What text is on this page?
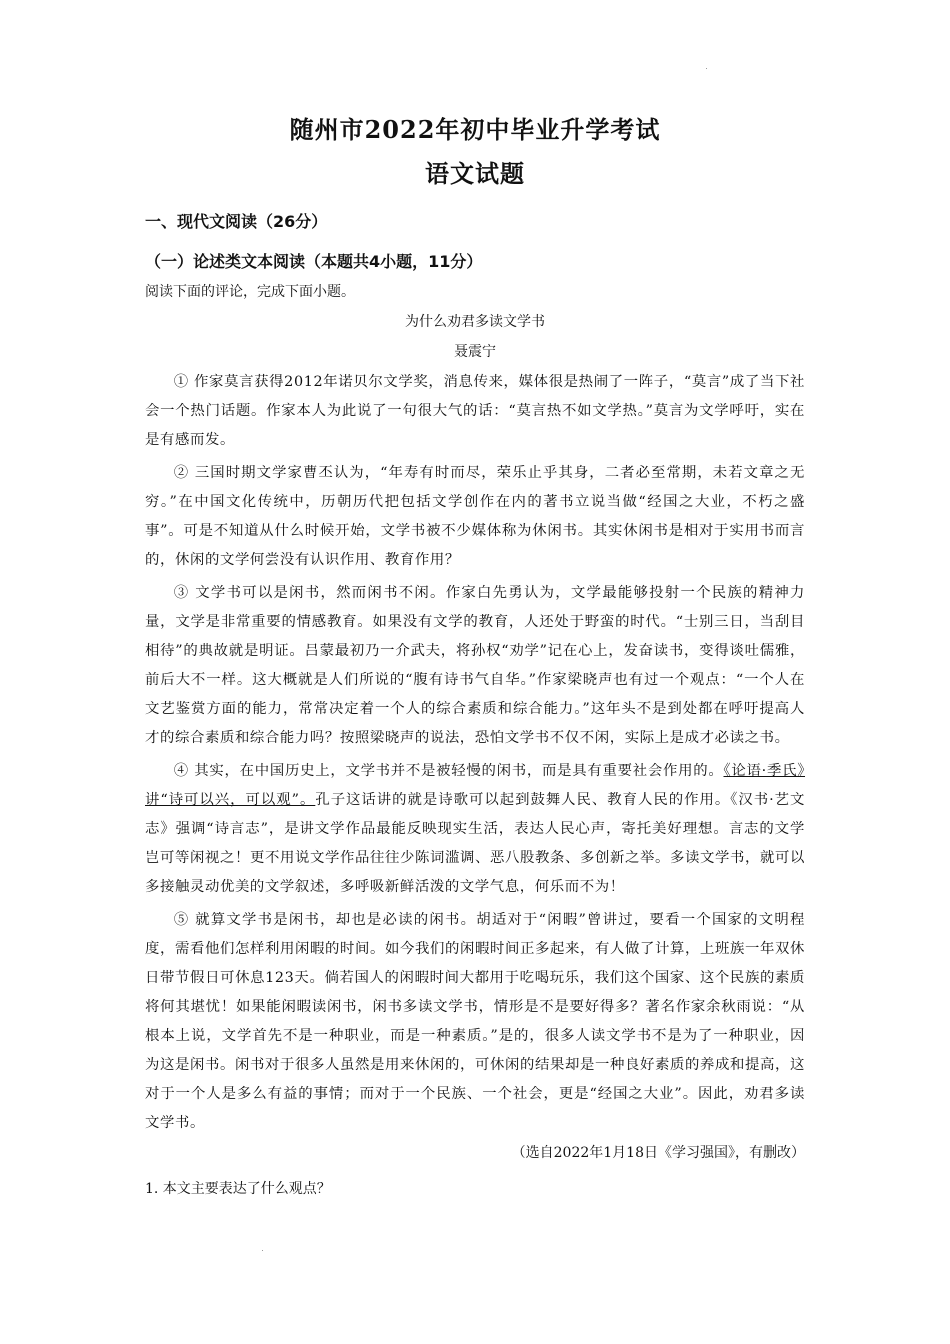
随州市2022年初中毕业升学考试
语文试题

一、现代文阅读（26分）

（一）论述类文本阅读（本题共4小题，11分）

阅读下面的评论，完成下面小题。

为什么劝君多读文学书

聂震宁

① 作家莫言获得2012年诺贝尔文学奖，消息传来，媒体很是热闹了一阵子，“莫言”成了当下社会一个热门话题。作家本人为此说了一句很大气的话：“莫言热不如文学热。”莫言为文学呼吁，实在是有感而发。

② 三国时期文学家曹丕认为，“年寿有时而尽，荣乐止乎其身，二者必至常期，未若文章之无穷。”在中国文化传统中，历朝历代把包括文学创作在内的著书立说当做“经国之大业，不朽之盛事”。可是不知道从什么时候开始，文学书被不少媒体称为休闲书。其实休闲书是相对于实用书而言的，休闲的文学何尝没有认识作用、教育作用？

③ 文学书可以是闲书，然而闲书不闲。作家白先勇认为，文学最能够投射一个民族的精神力量，文学是非常重要的情感教育。如果没有文学的教育，人还处于野蛮的时代。“士别三日，当刮目相待”的典故就是明证。吕蒙最初乃一介武夫，将孙权“劝学”记在心上，发奋读书，变得谈吐儒雅，前后大不一样。这大概就是人们所说的“腹有诗书气自华。”作家梁晓声也有过一个观点：“一个人在文艺鉴赏方面的能力，常常决定着一个人的综合素质和综合能力。”这年头不是到处都在呼吁提高人才的综合素质和综合能力吗？按照梁晓声的说法，恐怕文学书不仅不闲，实际上是成才必读之书。

④ 其实，在中国历史上，文学书并不是被轻慢的闲书，而是具有重要社会作用的。《论语·季氏》讲“诗可以兴，可以观”。孔子这话讲的就是诗歌可以起到鼓舞人民、教育人民的作用。《汉书·艺文志》强调“诗言志”，是讲文学作品最能反映现实生活，表达人民心声，寄托美好理想。言志的文学岂可等闲视之！更不用说文学作品往往少陈词滥调、恶八股教条、多创新之举。多读文学书，就可以多接触灵动优美的文学叙述，多呼吸新鲜活泼的文学气息，何乐而不为！

⑤ 就算文学书是闲书，却也是必读的闲书。胡适对于“闲暇”曾讲过，要看一个国家的文明程度，需看他们怎样利用闲暇的时间。如今我们的闲暇时间正多起来，有人做了计算，上班族一年双休日带节假日可休息123天。倘若国人的闲暇时间大都用于吃喝玩乐，我们这个国家、这个民族的素质将何其堪忧！如果能闲暇读闲书，闲书多读文学书，情形是不是要好得多？著名作家余秋雨说：“从根本上说，文学首先不是一种职业，而是一种素质。”是的，很多人读文学书不是为了一种职业，因为这是闲书。闲书对于很多人虽然是用来休闲的，可休闲的结果却是一种良好素质的养成和提高，这对于一个人是多么有益的事情；而对于一个民族、一个社会，更是“经国之大业”。因此，劝君多读文学书。

（选自2022年1月18日《学习强国》，有删改）

1. 本文主要表达了什么观点？
